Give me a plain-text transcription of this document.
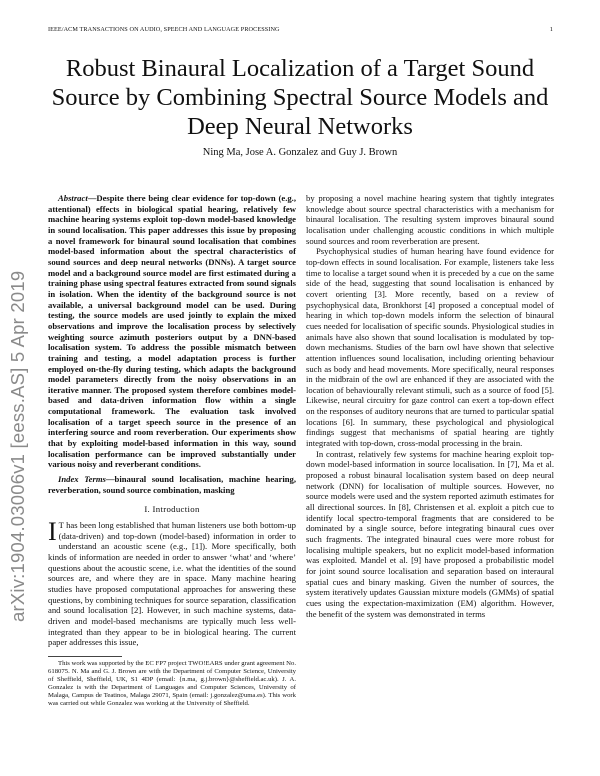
IEEE/ACM TRANSACTIONS ON AUDIO, SPEECH AND LANGUAGE PROCESSING	1
Robust Binaural Localization of a Target Sound Source by Combining Spectral Source Models and Deep Neural Networks
Ning Ma, Jose A. Gonzalez and Guy J. Brown
arXiv:1904.03006v1 [eess.AS] 5 Apr 2019

Abstract—Despite there being clear evidence for top-down (e.g., attentional) effects in biological spatial hearing, relatively few machine hearing systems exploit top-down model-based knowledge in sound localisation. This paper addresses this issue by proposing a novel framework for binaural sound localisation that combines model-based information about the spectral characteristics of sound sources and deep neural networks (DNNs). A target source model and a background source model are first estimated during a training phase using spectral features extracted from sound signals in isolation. When the identity of the background source is not available, a universal background model can be used. During testing, the source models are used jointly to explain the mixed observations and improve the localisation process by selectively weighting source azimuth posteriors output by a DNN-based localisation system. To address the possible mismatch between training and testing, a model adaptation process is further employed on-the-fly during testing, which adapts the background model parameters directly from the noisy observations in an iterative manner. The proposed system therefore combines model-based and data-driven information flow within a single computational framework. The evaluation task involved localisation of a target speech source in the presence of an interfering source and room reverberation. Our experiments show that by exploiting model-based information in this way, sound localisation performance can be improved substantially under various noisy and reverberant conditions.

Index Terms—binaural sound localisation, machine hearing, reverberation, sound source combination, masking

I. Introduction

I T has been long established that human listeners use both bottom-up (data-driven) and top-down (model-based) information in order to understand an acoustic scene (e.g., [1]). More specifically, both kinds of information are needed in order to answer ‘what’ and ‘where’ questions about the acoustic scene, i.e. what the identities of the sound sources are, and where they are in space. Many machine hearing studies have proposed computational approaches for answering these questions, by combining techniques for source separation, classification and sound localisation [2]. However, in such machine systems, data-driven and model-based mechanisms are typically much less well-integrated than they appear to be in biological hearing. The current paper addresses this issue,

This work was supported by the EC FP7 project TWO!EARS under grant agreement No. 618075. N. Ma and G. J. Brown are with the Department of Computer Science, University of Sheffield, Sheffield, UK, S1 4DP (email: {n.ma, g.j.brown}@sheffield.ac.uk). J. A. Gonzalez is with the Department of Languages and Computer Sciences, University of Malaga, Campus de Teatinos, Malaga 29071, Spain (email: j.gonzalez@uma.es). This work was carried out while Gonzalez was working at the University of Sheffield.

by proposing a novel machine hearing system that tightly integrates knowledge about source spectral characteristics with a mechanism for binaural localisation. The resulting system improves binaural sound localisation under challenging acoustic conditions in which multiple sound sources and room reverberation are present.

Psychophysical studies of human hearing have found evidence for top-down effects in sound localisation. For example, listeners take less time to localise a target sound when it is preceded by a cue on the same side of the head, suggesting that sound localisation is enhanced by covert orienting [3]. More recently, based on a review of psychophysical data, Bronkhorst [4] proposed a conceptual model of hearing in which top-down models inform the selection of binaural cues needed for localisation of specific sounds. Physiological studies in animals have also shown that sound localisation is modulated by top-down mechanisms. Studies of the barn owl have shown that selective attention influences sound localisation, including orienting behaviour such as body and head movements. More specifically, neural responses in the midbrain of the owl are enhanced if they are associated with the location of behaviourally relevant stimuli, such as a source of food [5]. Likewise, neural circuitry for gaze control can exert a top-down effect on the responses of auditory neurons that are turned to particular spatial locations [6]. In summary, these psychological and physiological findings suggest that mechanisms of spatial hearing are tightly integrated with top-down, cross-modal processing in the brain.

In contrast, relatively few systems for machine hearing exploit top-down model-based information in source localisation. In [7], Ma et al. proposed a robust binaural localisation system based on deep neural network (DNN) for localisation of multiple sources. However, no source models were used and the system reported azimuth estimates for all directional sources. In [8], Christensen et al. exploit a pitch cue to identify local spectro-temporal fragments that are considered to be dominated by a single source, before integrating binaural cues over such fragments. The integrated binaural cues were more robust for localising multiple speakers, but no explicit model-based information was exploited. Mandel et al. [9] have proposed a probabilistic model for joint sound source localisation and separation based on interaural spatial cues and binary masking. Given the number of sources, the system iteratively updates Gaussian mixture models (GMMs) of spatial cues using the expectation-maximization (EM) algorithm. However, the benefit of the system was demonstrated in terms
